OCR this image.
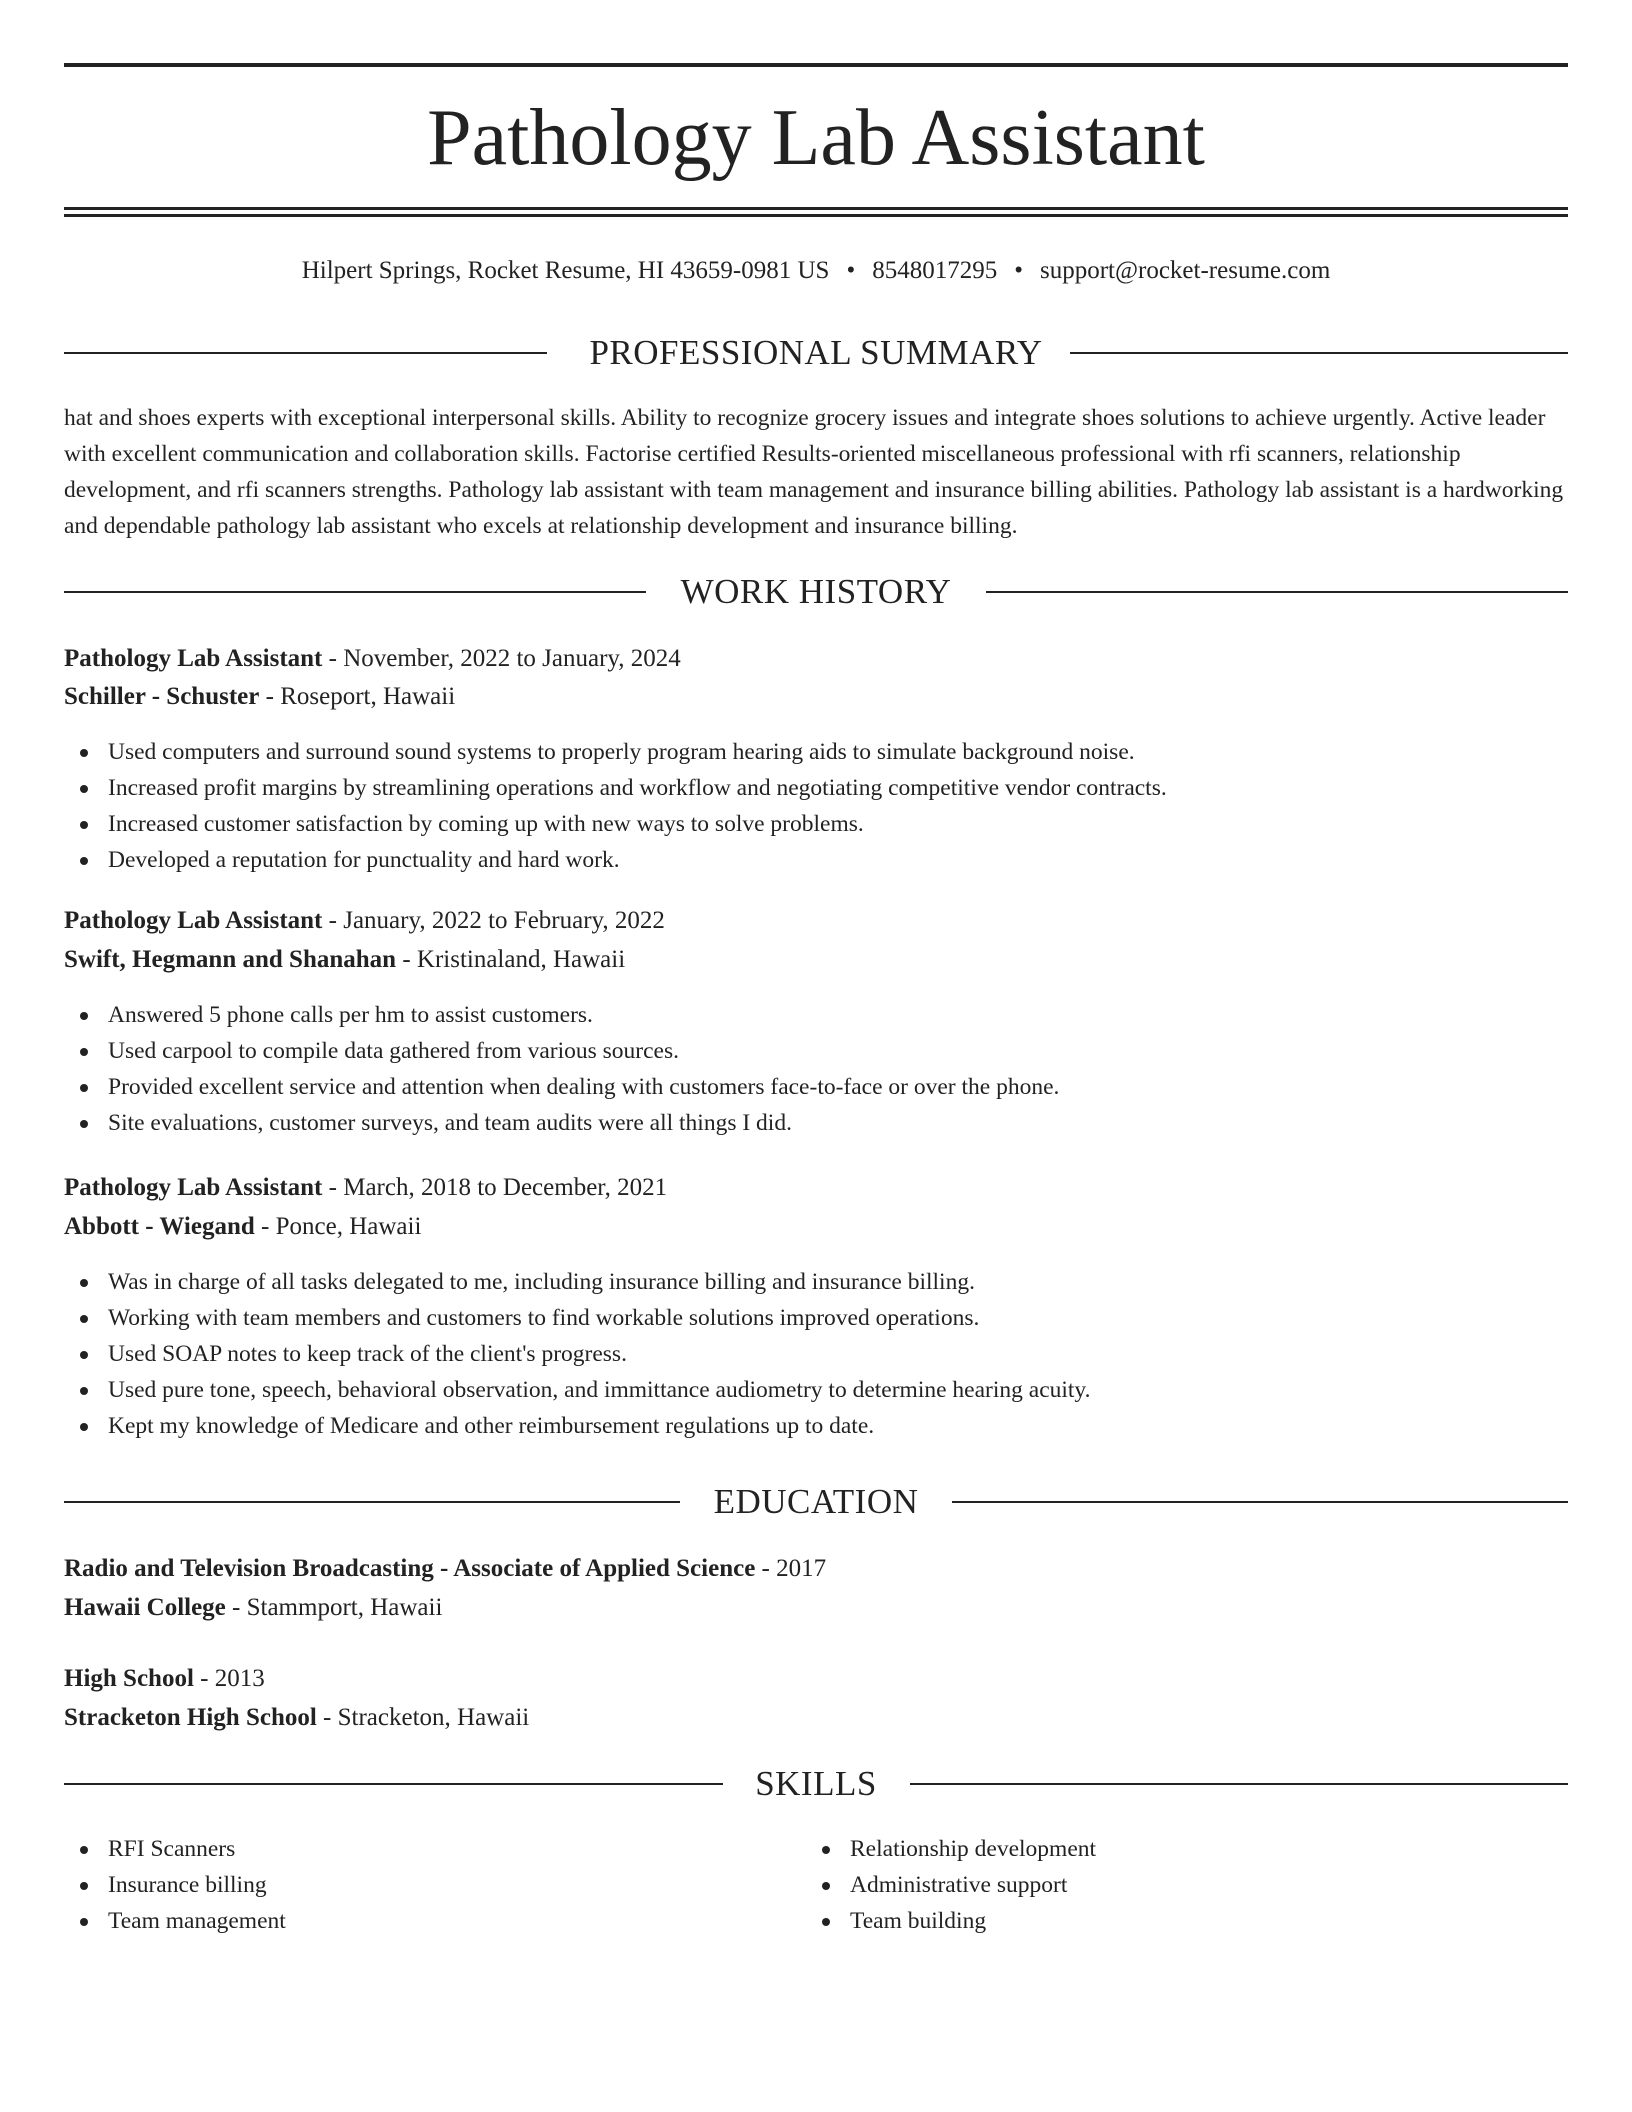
Pathology Lab Assistant
Hilpert Springs, Rocket Resume, HI 43659-0981 US • 8548017295 • support@rocket-resume.com
PROFESSIONAL SUMMARY

hat and shoes experts with exceptional interpersonal skills. Ability to recognize grocery issues and integrate shoes solutions to achieve urgently. Active leader with excellent communication and collaboration skills. Factorise certified Results-oriented miscellaneous professional with rfi scanners, relationship development, and rfi scanners strengths. Pathology lab assistant with team management and insurance billing abilities. Pathology lab assistant is a hardworking and dependable pathology lab assistant who excels at relationship development and insurance billing.

WORK HISTORY
Pathology Lab Assistant - November, 2022 to January, 2024
Schiller - Schuster - Roseport, Hawaii
Used computers and surround sound systems to properly program hearing aids to simulate background noise.
Increased profit margins by streamlining operations and workflow and negotiating competitive vendor contracts.
Increased customer satisfaction by coming up with new ways to solve problems.
Developed a reputation for punctuality and hard work.
Pathology Lab Assistant - January, 2022 to February, 2022
Swift, Hegmann and Shanahan - Kristinaland, Hawaii
Answered 5 phone calls per hm to assist customers.
Used carpool to compile data gathered from various sources.
Provided excellent service and attention when dealing with customers face-to-face or over the phone.
Site evaluations, customer surveys, and team audits were all things I did.
Pathology Lab Assistant - March, 2018 to December, 2021
Abbott - Wiegand - Ponce, Hawaii
Was in charge of all tasks delegated to me, including insurance billing and insurance billing.
Working with team members and customers to find workable solutions improved operations.
Used SOAP notes to keep track of the client's progress.
Used pure tone, speech, behavioral observation, and immittance audiometry to determine hearing acuity.
Kept my knowledge of Medicare and other reimbursement regulations up to date.
EDUCATION
Radio and Television Broadcasting - Associate of Applied Science - 2017
Hawaii College - Stammport, Hawaii
High School - 2013
Stracketon High School - Stracketon, Hawaii
SKILLS
RFI Scanners
Insurance billing
Team management
Relationship development
Administrative support
Team building
